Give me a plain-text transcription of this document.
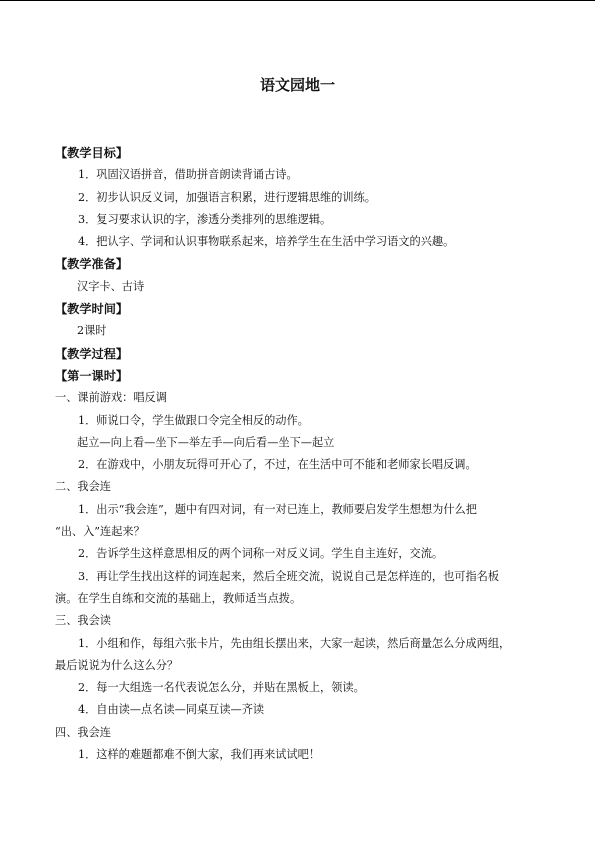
语文园地一
【教学目标】
1．巩固汉语拼音，借助拼音朗读背诵古诗。
2．初步认识反义词，加强语言积累，进行逻辑思维的训练。
3．复习要求认识的字，渗透分类排列的思维逻辑。
4．把认字、学词和认识事物联系起来，培养学生在生活中学习语文的兴趣。
【教学准备】
汉字卡、古诗
【教学时间】
2课时
【教学过程】
【第一课时】
一、课前游戏：唱反调
1．师说口令，学生做跟口令完全相反的动作。
起立—向上看—坐下—举左手—向后看—坐下—起立
2．在游戏中，小朋友玩得可开心了，不过，在生活中可不能和老师家长唱反调。
二、我会连
1．出示“我会连”，题中有四对词，有一对已连上，教师要启发学生想想为什么把
“出、入”连起来？
2．告诉学生这样意思相反的两个词称一对反义词。学生自主连好，交流。
3．再让学生找出这样的词连起来，然后全班交流，说说自己是怎样连的，也可指名板
演。在学生自练和交流的基础上，教师适当点拨。
三、我会读
1．小组和作，每组六张卡片，先由组长摆出来，大家一起读，然后商量怎么分成两组，
最后说说为什么这么分？
2．每一大组选一名代表说怎么分，并贴在黑板上，领读。
4．自由读—点名读—同桌互读—齐读
四、我会连
1．这样的难题都难不倒大家，我们再来试试吧！
